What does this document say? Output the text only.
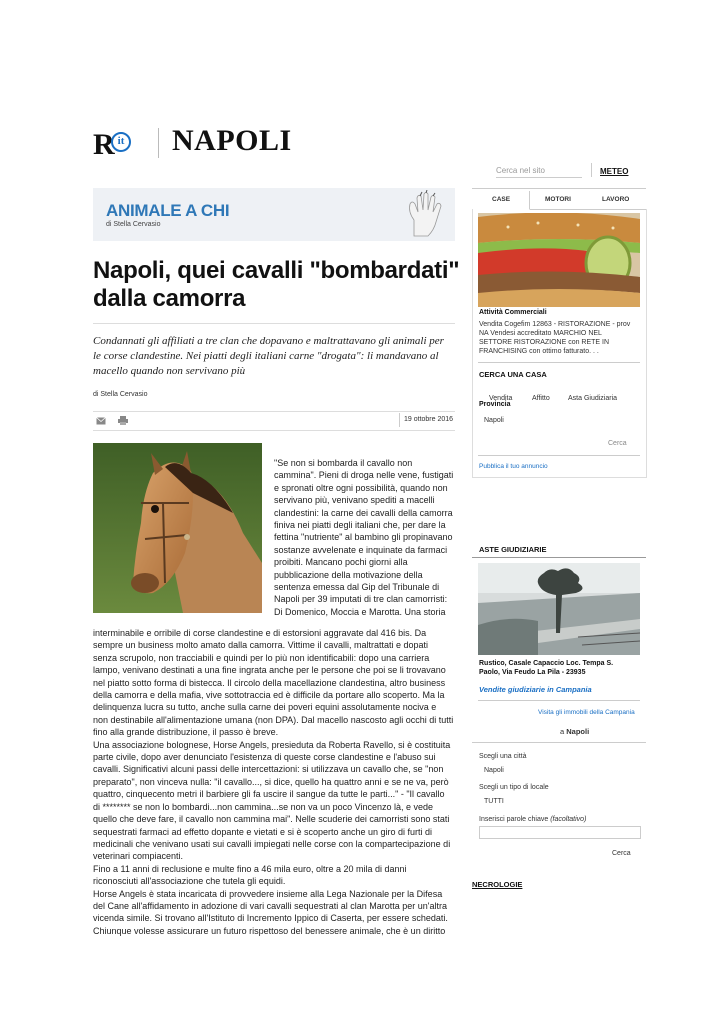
R it NAPOLI
Cerca nel sito	METEO
ANIMALE A CHI
di Stella Cervasio
Napoli, quei cavalli "bombardati" dalla camorra
Condannati gli affiliati a tre clan che dopavano e maltrattavano gli animali per le corse clandestine. Nei piatti degli italiani carne "drogata": li mandavano al macello quando non servivano più
di Stella Cervasio
19 ottobre 2016

"Se non si bombarda il cavallo non

cammina". Pieni di droga nelle vene, fustigati

e spronati oltre ogni possibilità, quando non

servivano più, venivano spediti a macelli

clandestini: la carne dei cavalli della camorra

finiva nei piatti degli italiani che, per dare la

fettina "nutriente" al bambino gli propinavano

sostanze avvelenate e inquinate da farmaci

proibiti. Mancano pochi giorni alla

pubblicazione della motivazione della

sentenza emessa dal Gip del Tribunale di

Napoli per 39 imputati di tre clan camorristi:

Di Domenico, Moccia e Marotta. Una storia

interminabile e orribile di corse clandestine e di estorsioni aggravate dal 416 bis. Da

sempre un business molto amato dalla camorra. Vittime il cavalli, maltrattati e dopati

senza scrupolo, non tracciabili e quindi per lo più non identificabili: dopo una carriera

lampo, venivano destinati a una fine ingrata anche per le persone che poi se li trovavano

nel piatto sotto forma di bistecca. Il circolo della macellazione clandestina, altro business

della camorra e della mafia, vive sottotraccia ed è difficile da portare allo scoperto. Ma la

delinquenza lucra su tutto, anche sulla carne dei poveri equini assolutamente nociva e

non destinabile all'alimentazione umana (non DPA). Dal macello nascosto agli occhi di tutti

fino alla grande distribuzione, il passo è breve.

Una associazione bolognese, Horse Angels, presieduta da Roberta Ravello, si è costituita

parte civile, dopo aver denunciato l'esistenza di queste corse clandestine e l'abuso sui

cavalli. Significativi alcuni passi delle intercettazioni: si utilizzava un cavallo che, se "non

preparato", non vinceva nulla: "il cavallo..., si dice, quello ha quattro anni e se ne va, però

quattro, cinquecento metri il barbiere gli fa uscire il sangue da tutte le parti..." - "Il cavallo

di ******** se non lo bombardi...non cammina...se non va un poco Vincenzo là, e vede

quello che deve fare, il cavallo non cammina mai". Nelle scuderie dei camorristi sono stati

sequestrati farmaci ad effetto dopante e vietati e si è scoperto anche un giro di furti di

medicinali che venivano usati sui cavalli impiegati nelle corse con la compartecipazione di

veterinari compiacenti.

Fino a 11 anni di reclusione e multe fino a 46 mila euro, oltre a 20 mila di danni

riconosciuti all'associazione che tutela gli equidi.

Horse Angels è stata incaricata di provvedere insieme alla Lega Nazionale per la Difesa

del Cane all'affidamento in adozione di vari cavalli sequestrati al clan Marotta per un'altra

vicenda simile. Si trovano all'Istituto di Incremento Ippico di Caserta, per essere schedati.

Chiunque volesse assicurare un futuro rispettoso del benessere animale, che è un diritto

CASE	MOTORI	LAVORO
Attività Commerciali
Vendita Cogefim 12863 - RISTORAZIONE - prov
NA Vendesi accreditato MARCHIO NEL
SETTORE RISTORAZIONE con RETE IN
FRANCHISING con ottimo fatturato. . .
CERCA UNA CASA
Vendita	Affitto	Asta Giudiziaria
Provincia
Napoli
Cerca
Pubblica il tuo annuncio
ASTE GIUDIZIARIE
Rustico, Casale Capaccio Loc. Tempa S.
Paolo, Via Feudo La Pila - 23935
Vendite giudiziarie in Campania
Visita gli immobili della Campania
a Napoli
Scegli una città
Napoli
Scegli un tipo di locale
TUTTI
Inserisci parole chiave (facoltativo)
Cerca
NECROLOGIE
